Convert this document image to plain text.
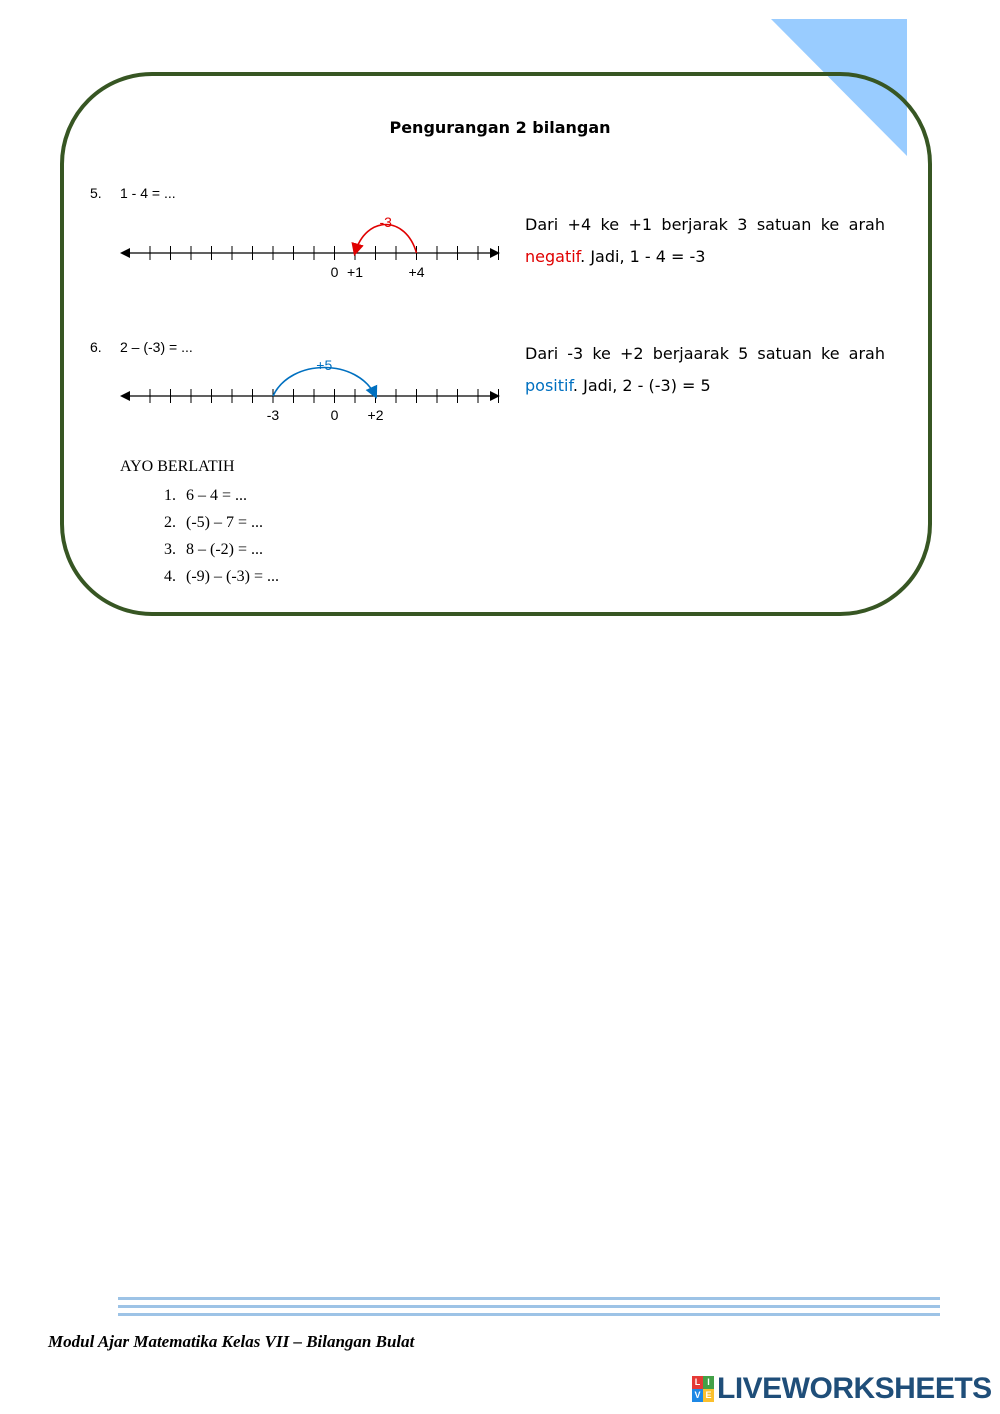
Pengurangan 2 bilangan
5. 1 - 4 = ...
0 +1	+4
-3	Dari +4 ke +1 berjarak 3 satuan ke arah
negatif. Jadi, 1 - 4 = -3
6. 2 – (-3) = ...
-3	0 +2
+5
Dari -3 ke +2 berjaarak 5 satuan ke arah
positif. Jadi, 2 - (-3) = 5
AYO BERLATIH
1. 6 – 4 = ...
2. (-5) – 7 = ...
3. 8 – (-2) = ...
4. (-9) – (-3) = ...
Modul Ajar Matematika Kelas VII – Bilangan Bulat
L I
V E LIVEWORKSHEETS
